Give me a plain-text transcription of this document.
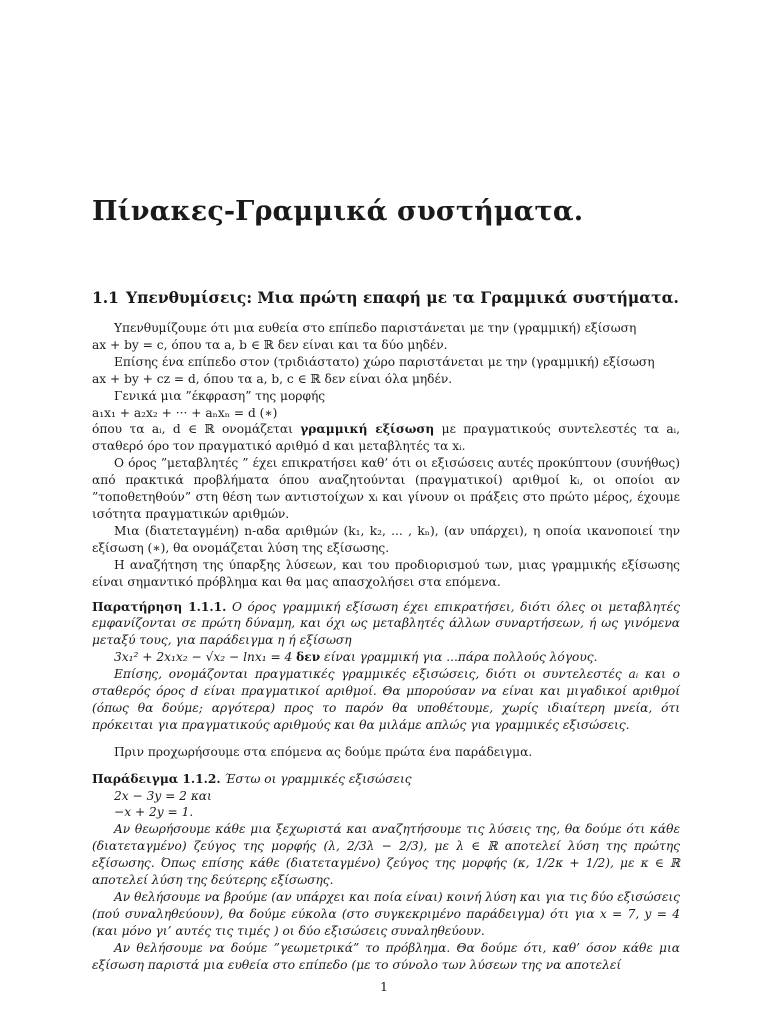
Πίνακες-Γραμμικά συστήματα.
1.1 Υπενθυμίσεις: Μια πρώτη επαφή με τα Γραμμικά συστήματα.

Υπενθυμίζουμε ότι μια ευθεία στο επίπεδο παριστάνεται με την (γραμμική) εξίσωση

ax + by = c, όπου τα a, b ∈ ℝ δεν είναι και τα δύο μηδέν.

Επίσης ένα επίπεδο στον (τριδιάστατο) χώρο παριστάνεται με την (γραμμική) εξίσωση

ax + by + cz = d, όπου τα a, b, c ∈ ℝ δεν είναι όλα μηδέν.

Γενικά μια ”έκφραση” της μορφής

a₁x₁ + a₂x₂ + ··· + aₙxₙ = d (∗)

όπου τα aᵢ, d ∈ ℝ ονομάζεται γραμμική εξίσωση με πραγματικούς συντελεστές τα aᵢ, σταθερό όρο τον πραγματικό αριθμό d και μεταβλητές τα xᵢ.

Ο όρος ”μεταβλητές ” έχει επικρατήσει καθ’ ότι οι εξισώσεις αυτές προκύπτουν (συνήθως) από πρακτικά προβλήματα όπου αναζητούνται (πραγματικοί) αριθμοί kᵢ, οι οποίοι αν ”τοποθετηθούν” στη θέση των αντιστοίχων xᵢ και γίνουν οι πράξεις στο πρώτο μέρος, έχουμε ισότητα πραγματικών αριθμών.

Μια (διατεταγμένη) n-αδα αριθμών (k₁, k₂, ... , kₙ), (αν υπάρχει), η οποία ικανοποιεί την εξίσωση (∗), θα ονομάζεται λύση της εξίσωσης.

Η αναζήτηση της ύπαρξης λύσεων, και του προδιορισμού των, μιας γραμμικής εξίσωσης είναι σημαντικό πρόβλημα και θα μας απασχολήσει στα επόμενα.

Παρατήρηση 1.1.1. Ο όρος γραμμική εξίσωση έχει επικρατήσει, διότι όλες οι μεταβλητές εμφανίζονται σε πρώτη δύναμη, και όχι ως μεταβλητές άλλων συναρτήσεων, ή ως γινόμενα μεταξύ τους, για παράδειγμα η ή εξίσωση

3x₁² + 2x₁x₂ − √x₂ − lnx₁ = 4 δεν είναι γραμμική για ...πάρα πολλούς λόγους.

Επίσης, ονομάζονται πραγματικές γραμμικές εξισώσεις, διότι οι συντελεστές aᵢ και ο σταθερός όρος d είναι πραγματικοί αριθμοί. Θα μπορούσαν να είναι και μιγαδικοί αριθμοί (όπως θα δούμε; αργότερα) προς το παρόν θα υποθέτουμε, χωρίς ιδιαίτερη μνεία, ότι πρόκειται για πραγματικούς αριθμούς και θα μιλάμε απλώς για γραμμικές εξισώσεις.

Πριν προχωρήσουμε στα επόμενα ας δούμε πρώτα ένα παράδειγμα.

Παράδειγμα 1.1.2. Έστω οι γραμμικές εξισώσεις

2x − 3y = 2 και

−x + 2y = 1.

Αν θεωρήσουμε κάθε μια ξεχωριστά και αναζητήσουμε τις λύσεις της, θα δούμε ότι κάθε (διατεταγμένο) ζεύγος της μορφής (λ, 2/3λ − 2/3), με λ ∈ ℝ αποτελεί λύση της πρώτης εξίσωσης. Όπως επίσης κάθε (διατεταγμένο) ζεύγος της μορφής (κ, 1/2κ + 1/2), με κ ∈ ℝ αποτελεί λύση της δεύτερης εξίσωσης.

Αν θελήσουμε να βρούμε (αν υπάρχει και ποία είναι) κοινή λύση και για τις δύο εξισώσεις (πού συναληθεύουν), θα δούμε εύκολα (στο συγκεκριμένο παράδειγμα) ότι για x = 7, y = 4 (και μόνο γι’ αυτές τις τιμές ) οι δύο εξισώσεις συναληθεύουν.

Αν θελήσουμε να δούμε ”γεωμετρικά” το πρόβλημα. Θα δούμε ότι, καθ’ όσον κάθε μια εξίσωση παριστά μια ευθεία στο επίπεδο (με το σύνολο των λύσεων της να αποτελεί

1
